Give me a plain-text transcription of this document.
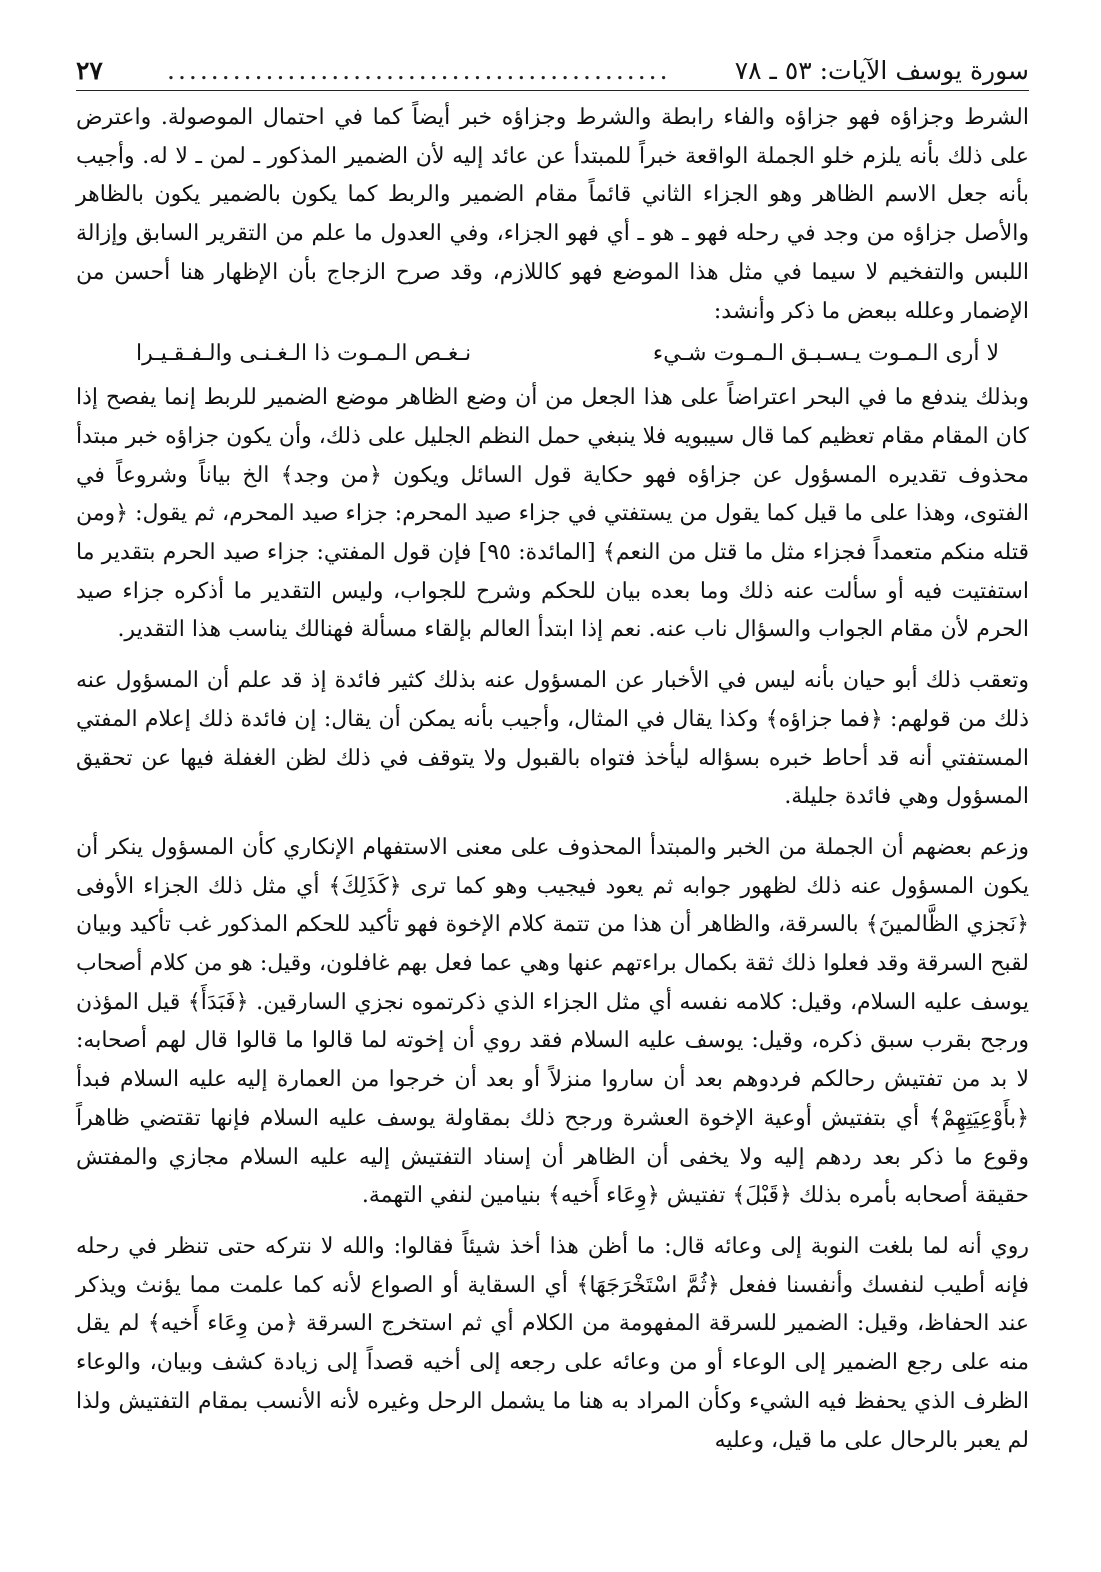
سورة يوسف الآيات: ٥٣ ـ ٧٨
..............................................
٢٧

الشرط وجزاؤه فهو جزاؤه والفاء رابطة والشرط وجزاؤه خبر أيضاً كما في احتمال الموصولة. واعترض على ذلك بأنه يلزم خلو الجملة الواقعة خبراً للمبتدأ عن عائد إليه لأن الضمير المذكور ـ لمن ـ لا له. وأجيب بأنه جعل الاسم الظاهر وهو الجزاء الثاني قائماً مقام الضمير والربط كما يكون بالضمير يكون بالظاهر والأصل جزاؤه من وجد في رحله فهو ـ هو ـ أي فهو الجزاء، وفي العدول ما علم من التقرير السابق وإزالة اللبس والتفخيم لا سيما في مثل هذا الموضع فهو كاللازم، وقد صرح الزجاج بأن الإظهار هنا أحسن من الإضمار وعلله ببعض ما ذكر وأنشد:

لا أرى الـمـوت يـسـبـق الـمـوت شـيء
نـغـص الـمـوت ذا الـغـنـى والـفـقـيـرا

وبذلك يندفع ما في البحر اعتراضاً على هذا الجعل من أن وضع الظاهر موضع الضمير للربط إنما يفصح إذا كان المقام مقام تعظيم كما قال سيبويه فلا ينبغي حمل النظم الجليل على ذلك، وأن يكون جزاؤه خبر مبتدأ محذوف تقديره المسؤول عن جزاؤه فهو حكاية قول السائل ويكون ﴿من وجد﴾ الخ بياناً وشروعاً في الفتوى، وهذا على ما قيل كما يقول من يستفتي في جزاء صيد المحرم: جزاء صيد المحرم، ثم يقول: ﴿ومن قتله منكم متعمداً فجزاء مثل ما قتل من النعم﴾ [المائدة: ٩٥] فإن قول المفتي: جزاء صيد الحرم بتقدير ما استفتيت فيه أو سألت عنه ذلك وما بعده بيان للحكم وشرح للجواب، وليس التقدير ما أذكره جزاء صيد الحرم لأن مقام الجواب والسؤال ناب عنه. نعم إذا ابتدأ العالم بإلقاء مسألة فهنالك يناسب هذا التقدير.

وتعقب ذلك أبو حيان بأنه ليس في الأخبار عن المسؤول عنه بذلك كثير فائدة إذ قد علم أن المسؤول عنه ذلك من قولهم: ﴿فما جزاؤه﴾ وكذا يقال في المثال، وأجيب بأنه يمكن أن يقال: إن فائدة ذلك إعلام المفتي المستفتي أنه قد أحاط خبره بسؤاله ليأخذ فتواه بالقبول ولا يتوقف في ذلك لظن الغفلة فيها عن تحقيق المسؤول وهي فائدة جليلة.

وزعم بعضهم أن الجملة من الخبر والمبتدأ المحذوف على معنى الاستفهام الإنكاري كأن المسؤول ينكر أن يكون المسؤول عنه ذلك لظهور جوابه ثم يعود فيجيب وهو كما ترى ﴿كَذَلِكَ﴾ أي مثل ذلك الجزاء الأوفى ﴿نَجزي الظَّالمينَ﴾ بالسرقة، والظاهر أن هذا من تتمة كلام الإخوة فهو تأكيد للحكم المذكور غب تأكيد وبيان لقبح السرقة وقد فعلوا ذلك ثقة بكمال براءتهم عنها وهي عما فعل بهم غافلون، وقيل: هو من كلام أصحاب يوسف عليه السلام، وقيل: كلامه نفسه أي مثل الجزاء الذي ذكرتموه نجزي السارقين. ﴿فَبَدَأَ﴾ قيل المؤذن ورجح بقرب سبق ذكره، وقيل: يوسف عليه السلام فقد روي أن إخوته لما قالوا ما قالوا قال لهم أصحابه: لا بد من تفتيش رحالكم فردوهم بعد أن ساروا منزلاً أو بعد أن خرجوا من العمارة إليه عليه السلام فبدأ ﴿بأَوْعِيَتِهِمْ﴾ أي بتفتيش أوعية الإخوة العشرة ورجح ذلك بمقاولة يوسف عليه السلام فإنها تقتضي ظاهراً وقوع ما ذكر بعد ردهم إليه ولا يخفى أن الظاهر أن إسناد التفتيش إليه عليه السلام مجازي والمفتش حقيقة أصحابه بأمره بذلك ﴿قَبْلَ﴾ تفتيش ﴿وِعَاء أَخيه﴾ بنيامين لنفي التهمة.

روي أنه لما بلغت النوبة إلى وعائه قال: ما أظن هذا أخذ شيئاً فقالوا: والله لا نتركه حتى تنظر في رحله فإنه أطيب لنفسك وأنفسنا ففعل ﴿ثُمَّ اسْتَخْرَجَهَا﴾ أي السقاية أو الصواع لأنه كما علمت مما يؤنث ويذكر عند الحفاظ، وقيل: الضمير للسرقة المفهومة من الكلام أي ثم استخرج السرقة ﴿من وِعَاء أَخيه﴾ لم يقل منه على رجع الضمير إلى الوعاء أو من وعائه على رجعه إلى أخيه قصداً إلى زيادة كشف وبيان، والوعاء الظرف الذي يحفظ فيه الشيء وكأن المراد به هنا ما يشمل الرحل وغيره لأنه الأنسب بمقام التفتيش ولذا لم يعبر بالرحال على ما قيل، وعليه
